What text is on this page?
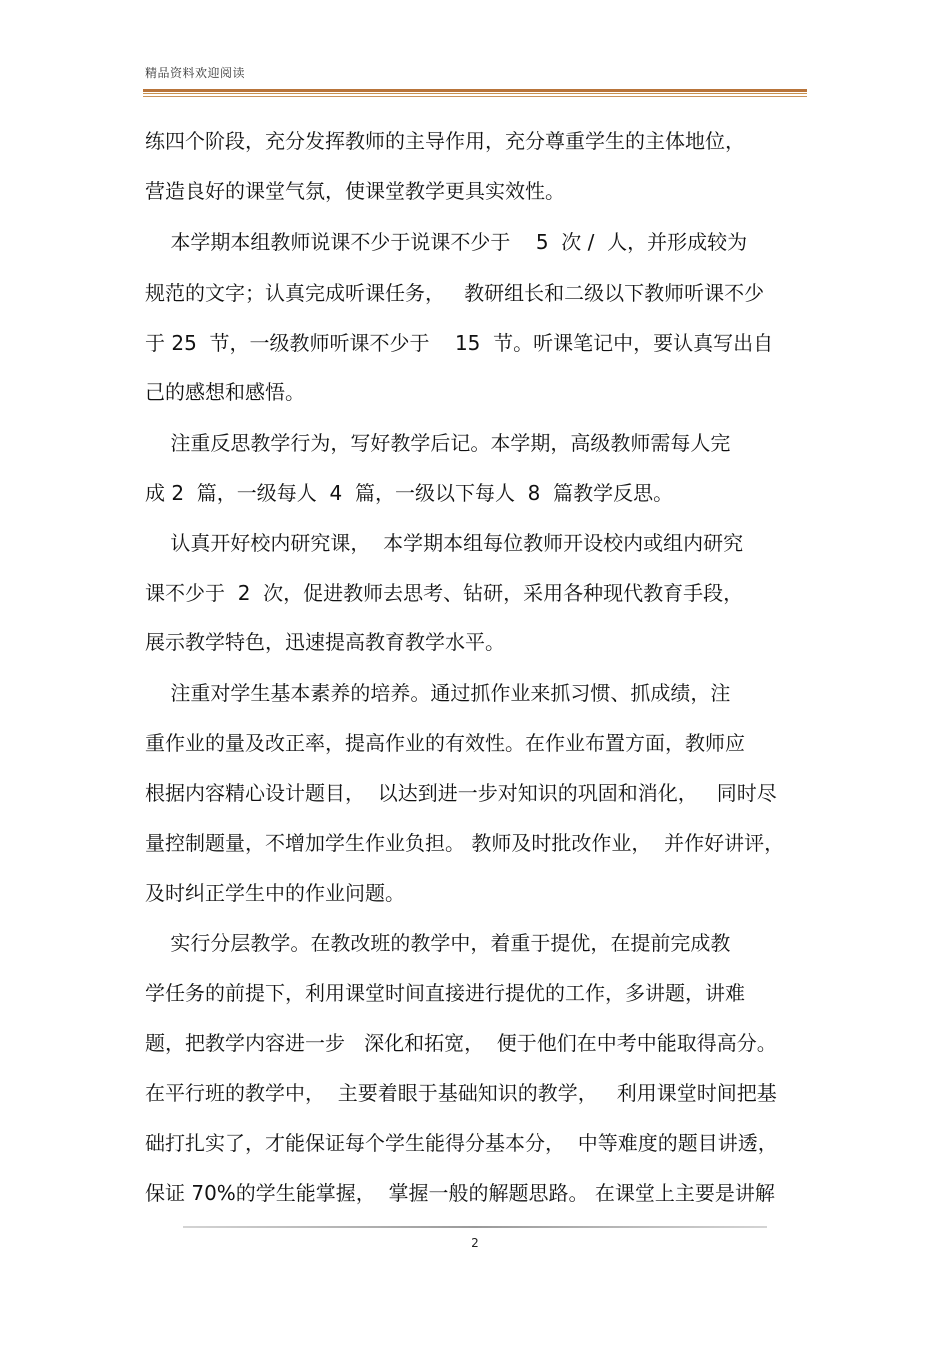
精品资料欢迎阅读
练四个阶段，充分发挥教师的主导作用，充分尊重学生的主体地位，
营造良好的课堂气氛，使课堂教学更具实效性。
本学期本组教师说课不少于说课不少于    5  次 /  人，并形成较为
规范的文字；认真完成听课任务，   教研组长和二级以下教师听课不少
于 25  节，一级教师听课不少于    15  节。听课笔记中，要认真写出自
己的感想和感悟。
注重反思教学行为，写好教学后记。本学期，高级教师需每人完
成 2  篇，一级每人  4  篇，一级以下每人  8  篇教学反思。
认真开好校内研究课，  本学期本组每位教师开设校内或组内研究
课不少于  2  次，促进教师去思考、钻研，采用各种现代教育手段，
展示教学特色，迅速提高教育教学水平。
注重对学生基本素养的培养。通过抓作业来抓习惯、抓成绩，注
重作业的量及改正率，提高作业的有效性。在作业布置方面，教师应
根据内容精心设计题目，  以达到进一步对知识的巩固和消化，   同时尽
量控制题量，不增加学生作业负担。 教师及时批改作业，  并作好讲评，
及时纠正学生中的作业问题。
实行分层教学。在教改班的教学中，着重于提优，在提前完成教
学任务的前提下，利用课堂时间直接进行提优的工作，多讲题，讲难
题，把教学内容进一步   深化和拓宽，  便于他们在中考中能取得高分。
在平行班的教学中，  主要着眼于基础知识的教学，   利用课堂时间把基
础打扎实了，才能保证每个学生能得分基本分，  中等难度的题目讲透，
保证 70%的学生能掌握，  掌握一般的解题思路。 在课堂上主要是讲解
2
